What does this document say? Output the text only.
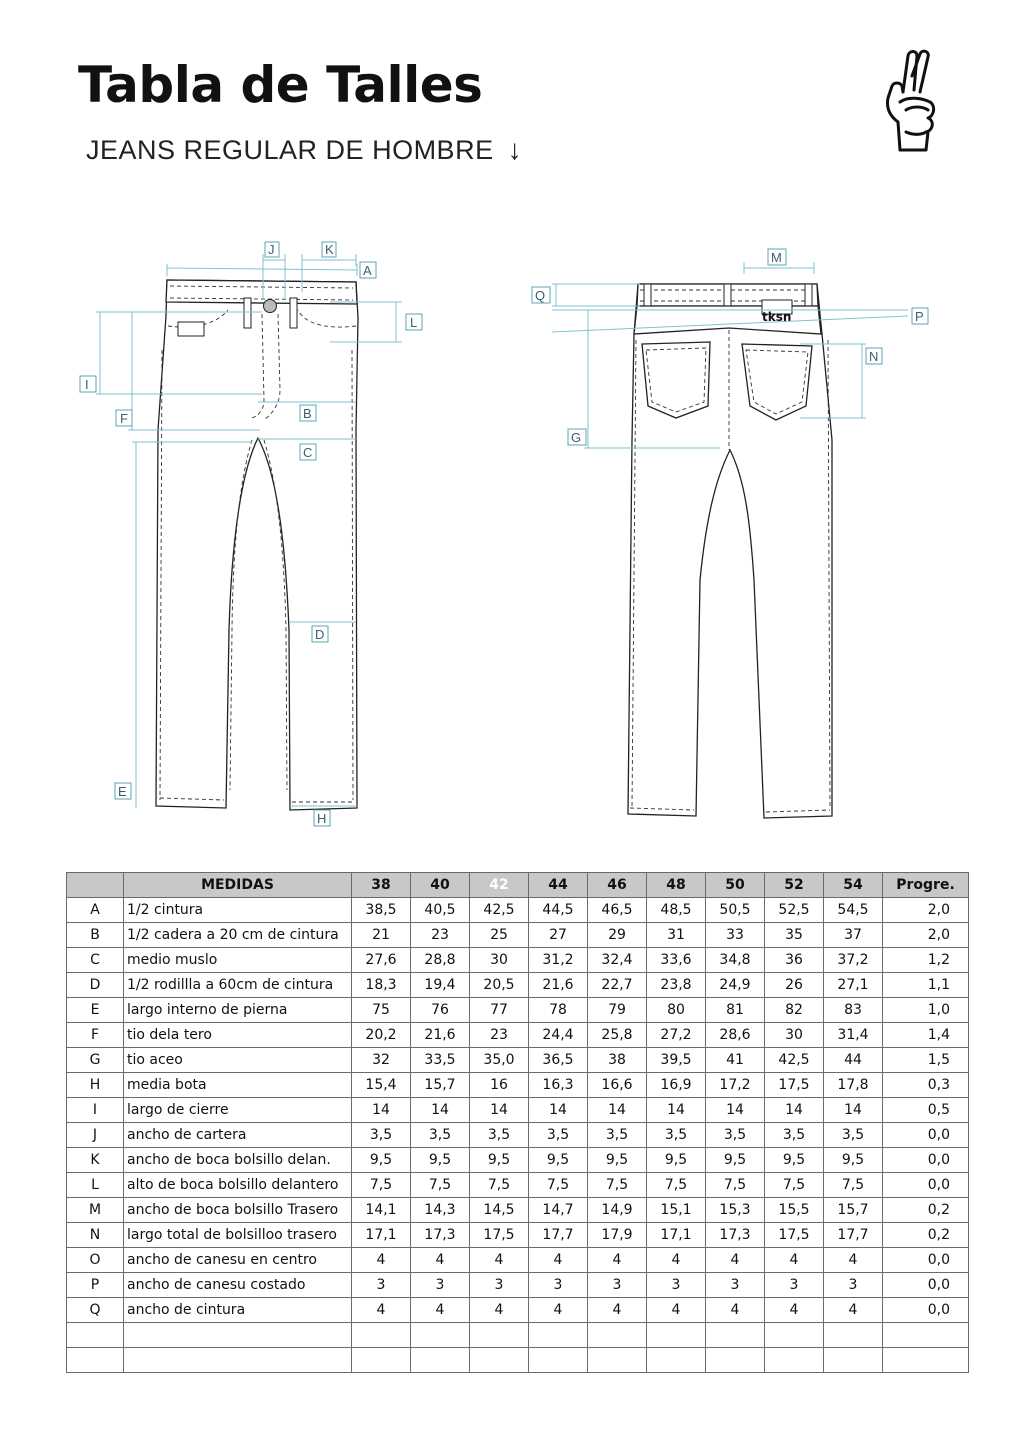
Tabla de Talles
JEANS REGULAR DE HOMBRE ↓
J	K
A
L
I
F	B
C
D
E
H
tksn
M
Q
P
N
G
	MEDIDAS	38	40	42	44	46	48	50	52	54	Progre.
A	1/2 cintura	38,5	40,5	42,5	44,5	46,5	48,5	50,5	52,5	54,5	2,0
B	1/2 cadera a 20 cm de cintura	21	23	25	27	29	31	33	35	37	2,0
C	medio muslo	27,6	28,8	30	31,2	32,4	33,6	34,8	36	37,2	1,2
D	1/2 rodillla a 60cm de cintura	18,3	19,4	20,5	21,6	22,7	23,8	24,9	26	27,1	1,1
E	largo interno de pierna	75	76	77	78	79	80	81	82	83	1,0
F	tio dela tero	20,2	21,6	23	24,4	25,8	27,2	28,6	30	31,4	1,4
G	tio aceo	32	33,5	35,0	36,5	38	39,5	41	42,5	44	1,5
H	media bota	15,4	15,7	16	16,3	16,6	16,9	17,2	17,5	17,8	0,3
I	largo de cierre	14	14	14	14	14	14	14	14	14	0,5
J	ancho de cartera	3,5	3,5	3,5	3,5	3,5	3,5	3,5	3,5	3,5	0,0
K	ancho de boca bolsillo delan.	9,5	9,5	9,5	9,5	9,5	9,5	9,5	9,5	9,5	0,0
L	alto de boca bolsillo delantero	7,5	7,5	7,5	7,5	7,5	7,5	7,5	7,5	7,5	0,0
M	ancho de boca bolsillo Trasero	14,1	14,3	14,5	14,7	14,9	15,1	15,3	15,5	15,7	0,2
N	largo total de bolsilloo trasero	17,1	17,3	17,5	17,7	17,9	17,1	17,3	17,5	17,7	0,2
O	ancho de canesu en centro	4	4	4	4	4	4	4	4	4	0,0
P	ancho de canesu costado	3	3	3	3	3	3	3	3	3	0,0
Q	ancho de cintura	4	4	4	4	4	4	4	4	4	0,0
